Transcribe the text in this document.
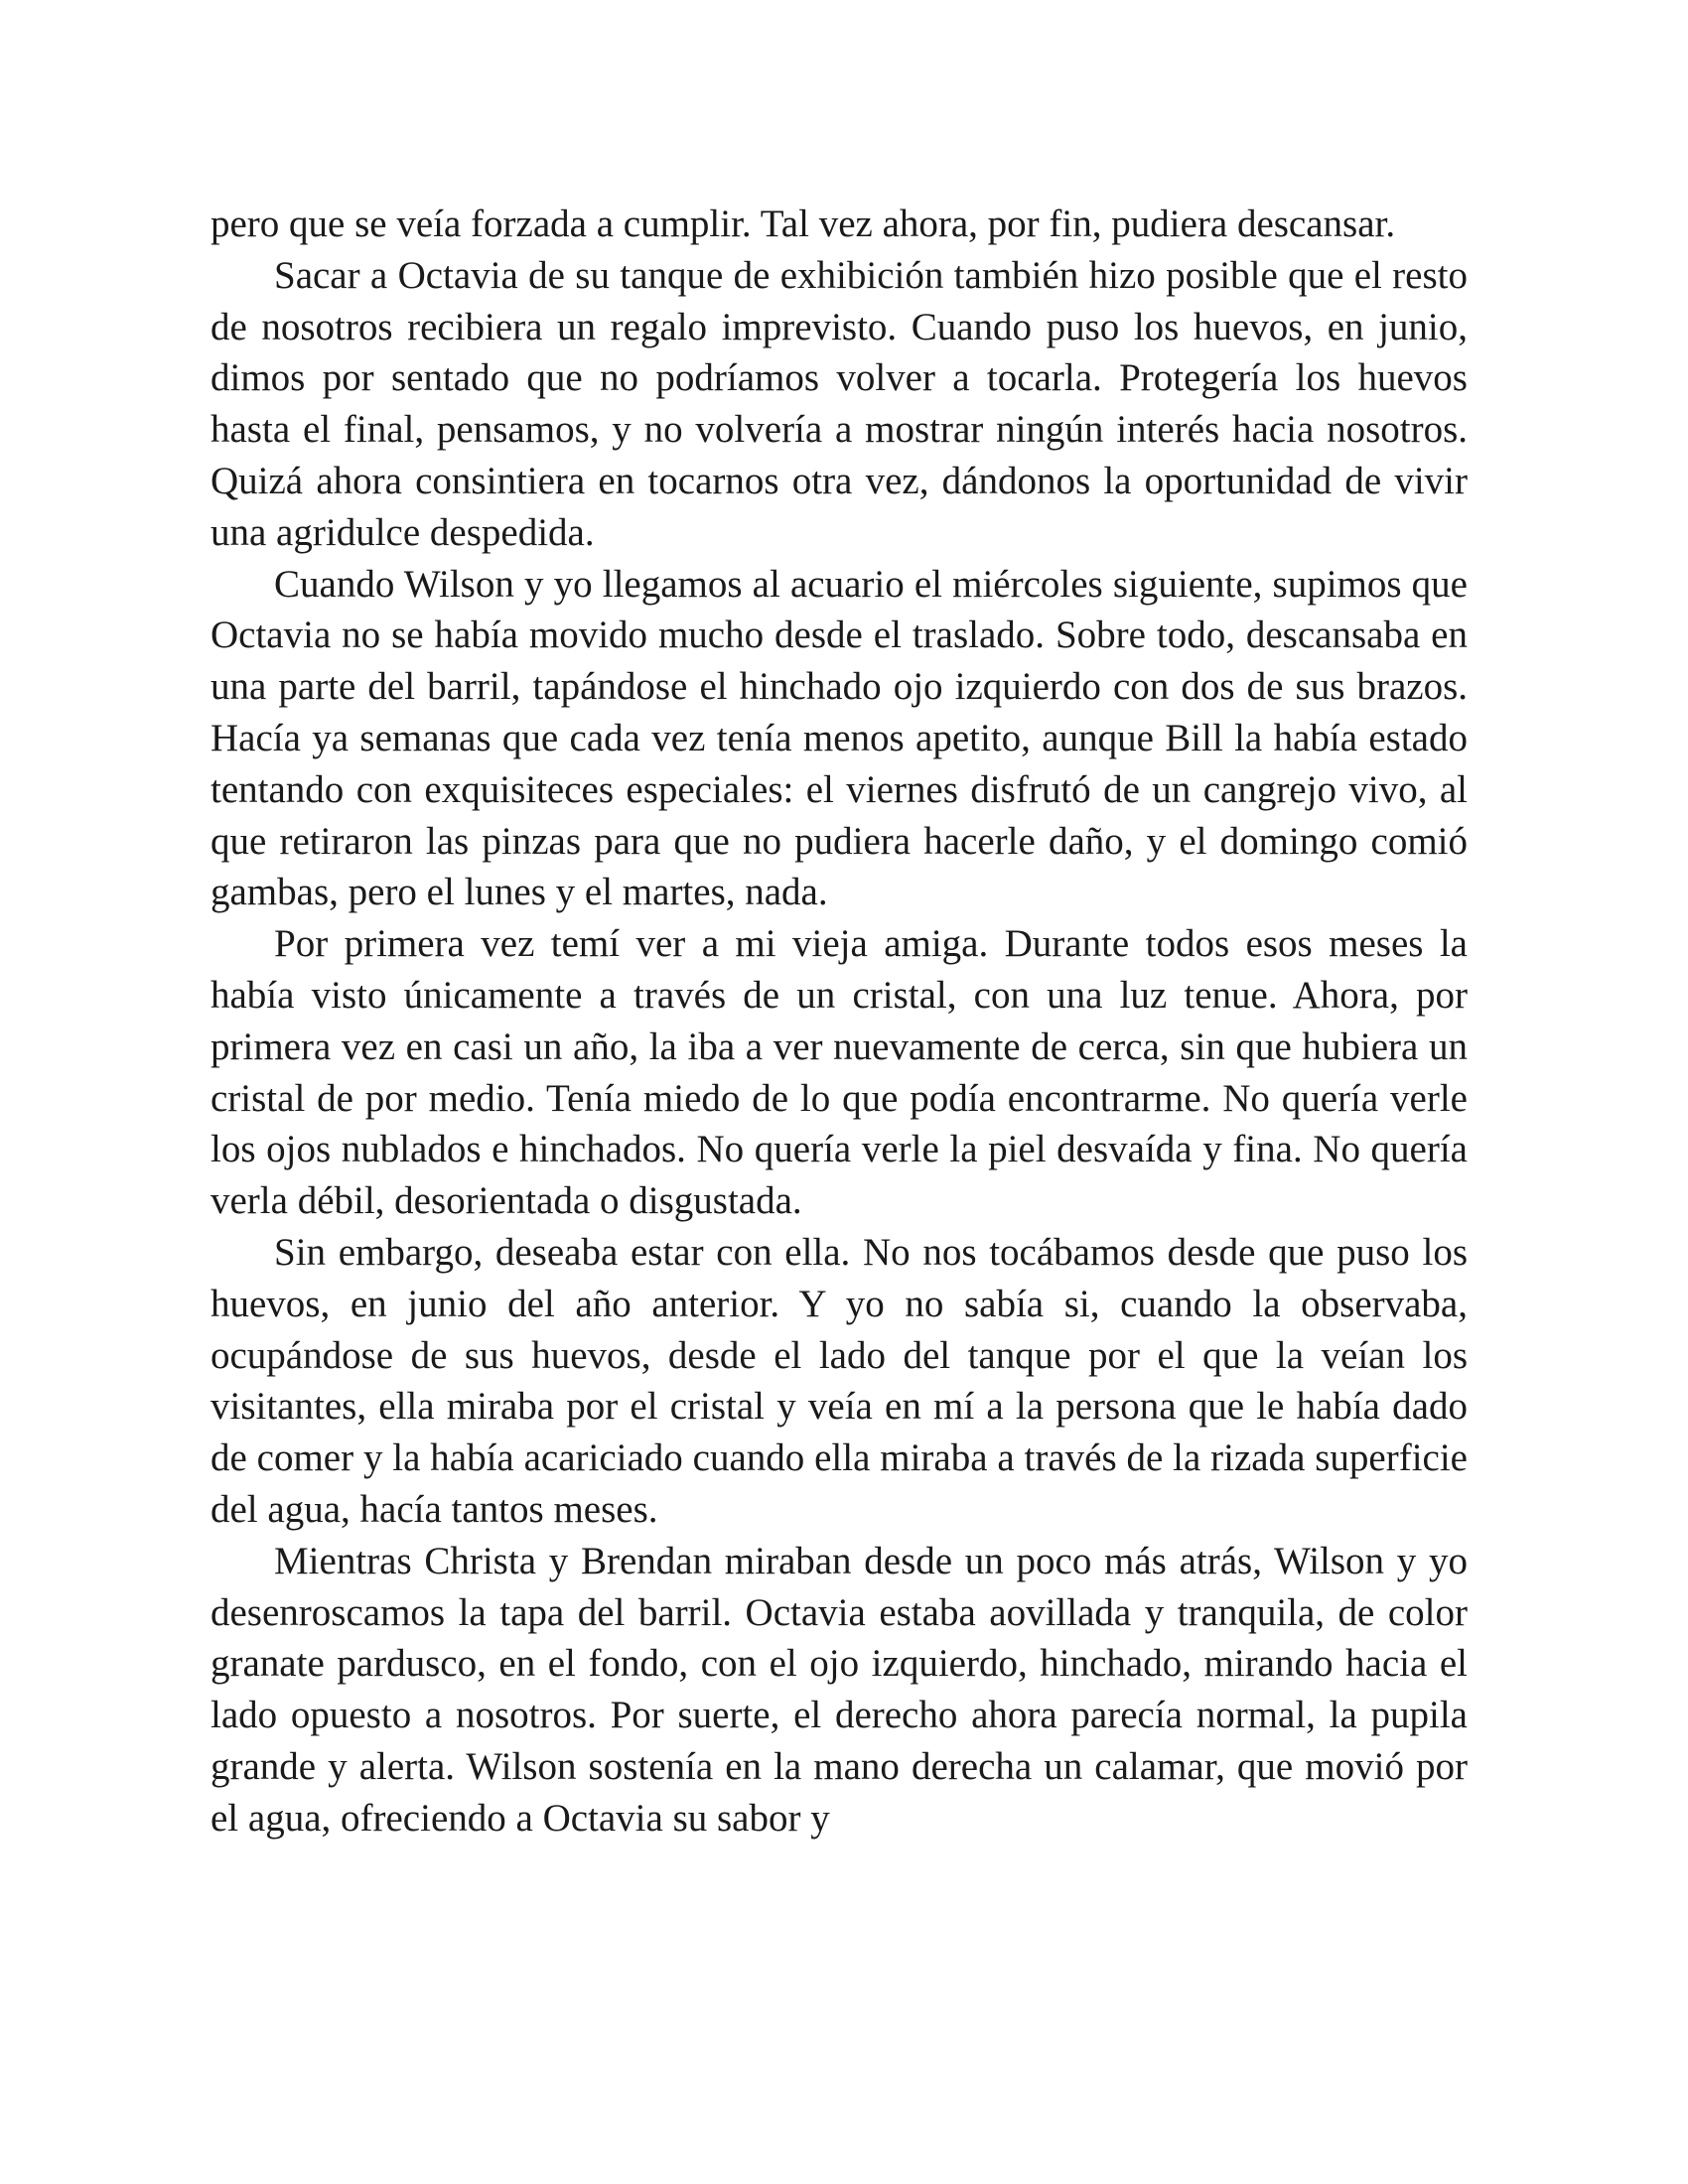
pero que se veía forzada a cumplir. Tal vez ahora, por fin, pudiera descansar.

Sacar a Octavia de su tanque de exhibición también hizo posible que el resto de nosotros recibiera un regalo imprevisto. Cuando puso los huevos, en junio, dimos por sentado que no podríamos volver a tocarla. Protegería los huevos hasta el final, pensamos, y no volvería a mostrar ningún interés hacia nosotros. Quizá ahora consintiera en tocarnos otra vez, dándonos la oportunidad de vivir una agridulce despedida.

Cuando Wilson y yo llegamos al acuario el miércoles siguiente, supimos que Octavia no se había movido mucho desde el traslado. Sobre todo, descansaba en una parte del barril, tapándose el hinchado ojo izquierdo con dos de sus brazos. Hacía ya semanas que cada vez tenía menos apetito, aunque Bill la había estado tentando con exquisiteces especiales: el viernes disfrutó de un cangrejo vivo, al que retiraron las pinzas para que no pudiera hacerle daño, y el domingo comió gambas, pero el lunes y el martes, nada.

Por primera vez temí ver a mi vieja amiga. Durante todos esos meses la había visto únicamente a través de un cristal, con una luz tenue. Ahora, por primera vez en casi un año, la iba a ver nuevamente de cerca, sin que hubiera un cristal de por medio. Tenía miedo de lo que podía encontrarme. No quería verle los ojos nublados e hinchados. No quería verle la piel desvaída y fina. No quería verla débil, desorientada o disgustada.

Sin embargo, deseaba estar con ella. No nos tocábamos desde que puso los huevos, en junio del año anterior. Y yo no sabía si, cuando la observaba, ocupándose de sus huevos, desde el lado del tanque por el que la veían los visitantes, ella miraba por el cristal y veía en mí a la persona que le había dado de comer y la había acariciado cuando ella miraba a través de la rizada superficie del agua, hacía tantos meses.

Mientras Christa y Brendan miraban desde un poco más atrás, Wilson y yo desenroscamos la tapa del barril. Octavia estaba aovillada y tranquila, de color granate pardusco, en el fondo, con el ojo izquierdo, hinchado, mirando hacia el lado opuesto a nosotros. Por suerte, el derecho ahora parecía normal, la pupila grande y alerta. Wilson sostenía en la mano derecha un calamar, que movió por el agua, ofreciendo a Octavia su sabor y
